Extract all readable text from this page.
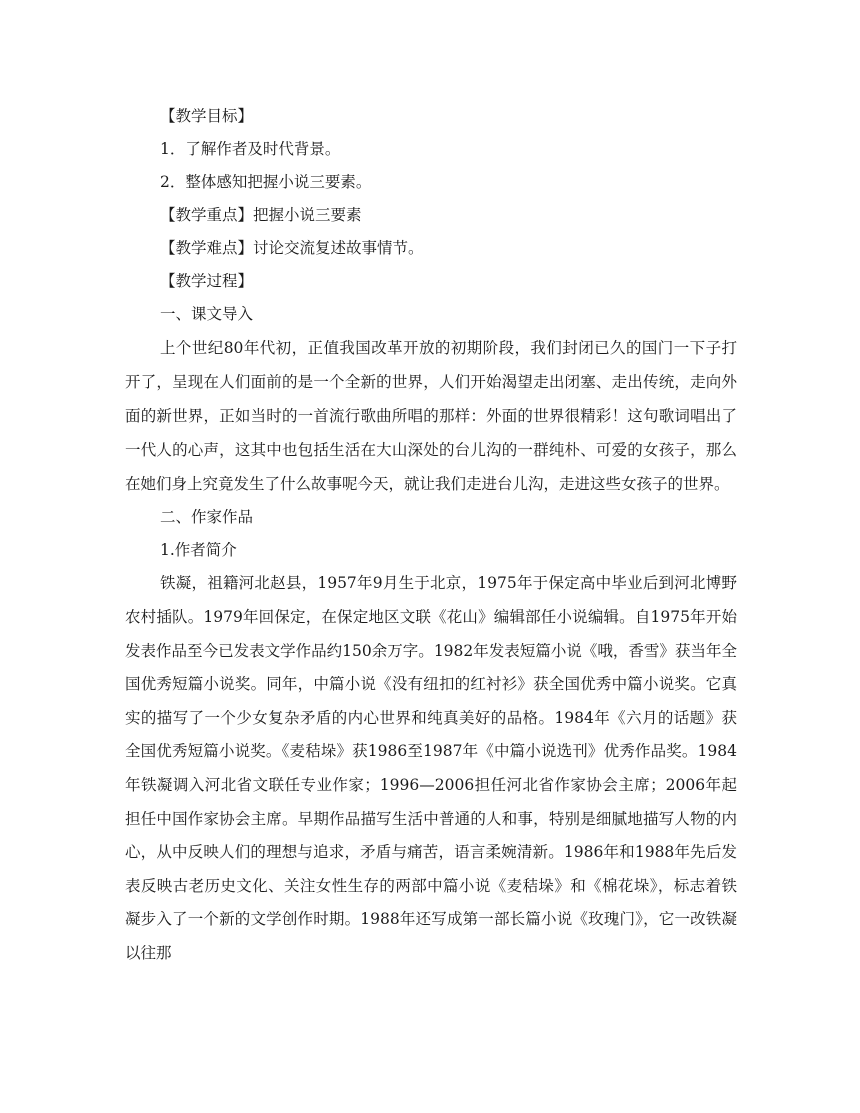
【教学目标】
1．了解作者及时代背景。
2．整体感知把握小说三要素。
【教学重点】把握小说三要素
【教学难点】讨论交流复述故事情节。
【教学过程】
一、课文导入

上个世纪80年代初，正值我国改革开放的初期阶段，我们封闭已久的国门一下子打开了，呈现在人们面前的是一个全新的世界，人们开始渴望走出闭塞、走出传统，走向外面的新世界，正如当时的一首流行歌曲所唱的那样：外面的世界很精彩！这句歌词唱出了一代人的心声，这其中也包括生活在大山深处的台儿沟的一群纯朴、可爱的女孩子，那么在她们身上究竟发生了什么故事呢今天，就让我们走进台儿沟，走进这些女孩子的世界。

二、作家作品
1.作者简介

铁凝，祖籍河北赵县，1957年9月生于北京，1975年于保定高中毕业后到河北博野农村插队。1979年回保定，在保定地区文联《花山》编辑部任小说编辑。自1975年开始发表作品至今已发表文学作品约150余万字。1982年发表短篇小说《哦，香雪》获当年全国优秀短篇小说奖。同年，中篇小说《没有纽扣的红衬衫》获全国优秀中篇小说奖。它真实的描写了一个少女复杂矛盾的内心世界和纯真美好的品格。1984年《六月的话题》获全国优秀短篇小说奖。《麦秸垛》获1986至1987年《中篇小说选刊》优秀作品奖。1984年铁凝调入河北省文联任专业作家；1996—2006担任河北省作家协会主席；2006年起担任中国作家协会主席。早期作品描写生活中普通的人和事，特别是细腻地描写人物的内心，从中反映人们的理想与追求，矛盾与痛苦，语言柔婉清新。1986年和1988年先后发表反映古老历史文化、关注女性生存的两部中篇小说《麦秸垛》和《棉花垛》，标志着铁凝步入了一个新的文学创作时期。1988年还写成第一部长篇小说《玫瑰门》，它一改铁凝以往那
